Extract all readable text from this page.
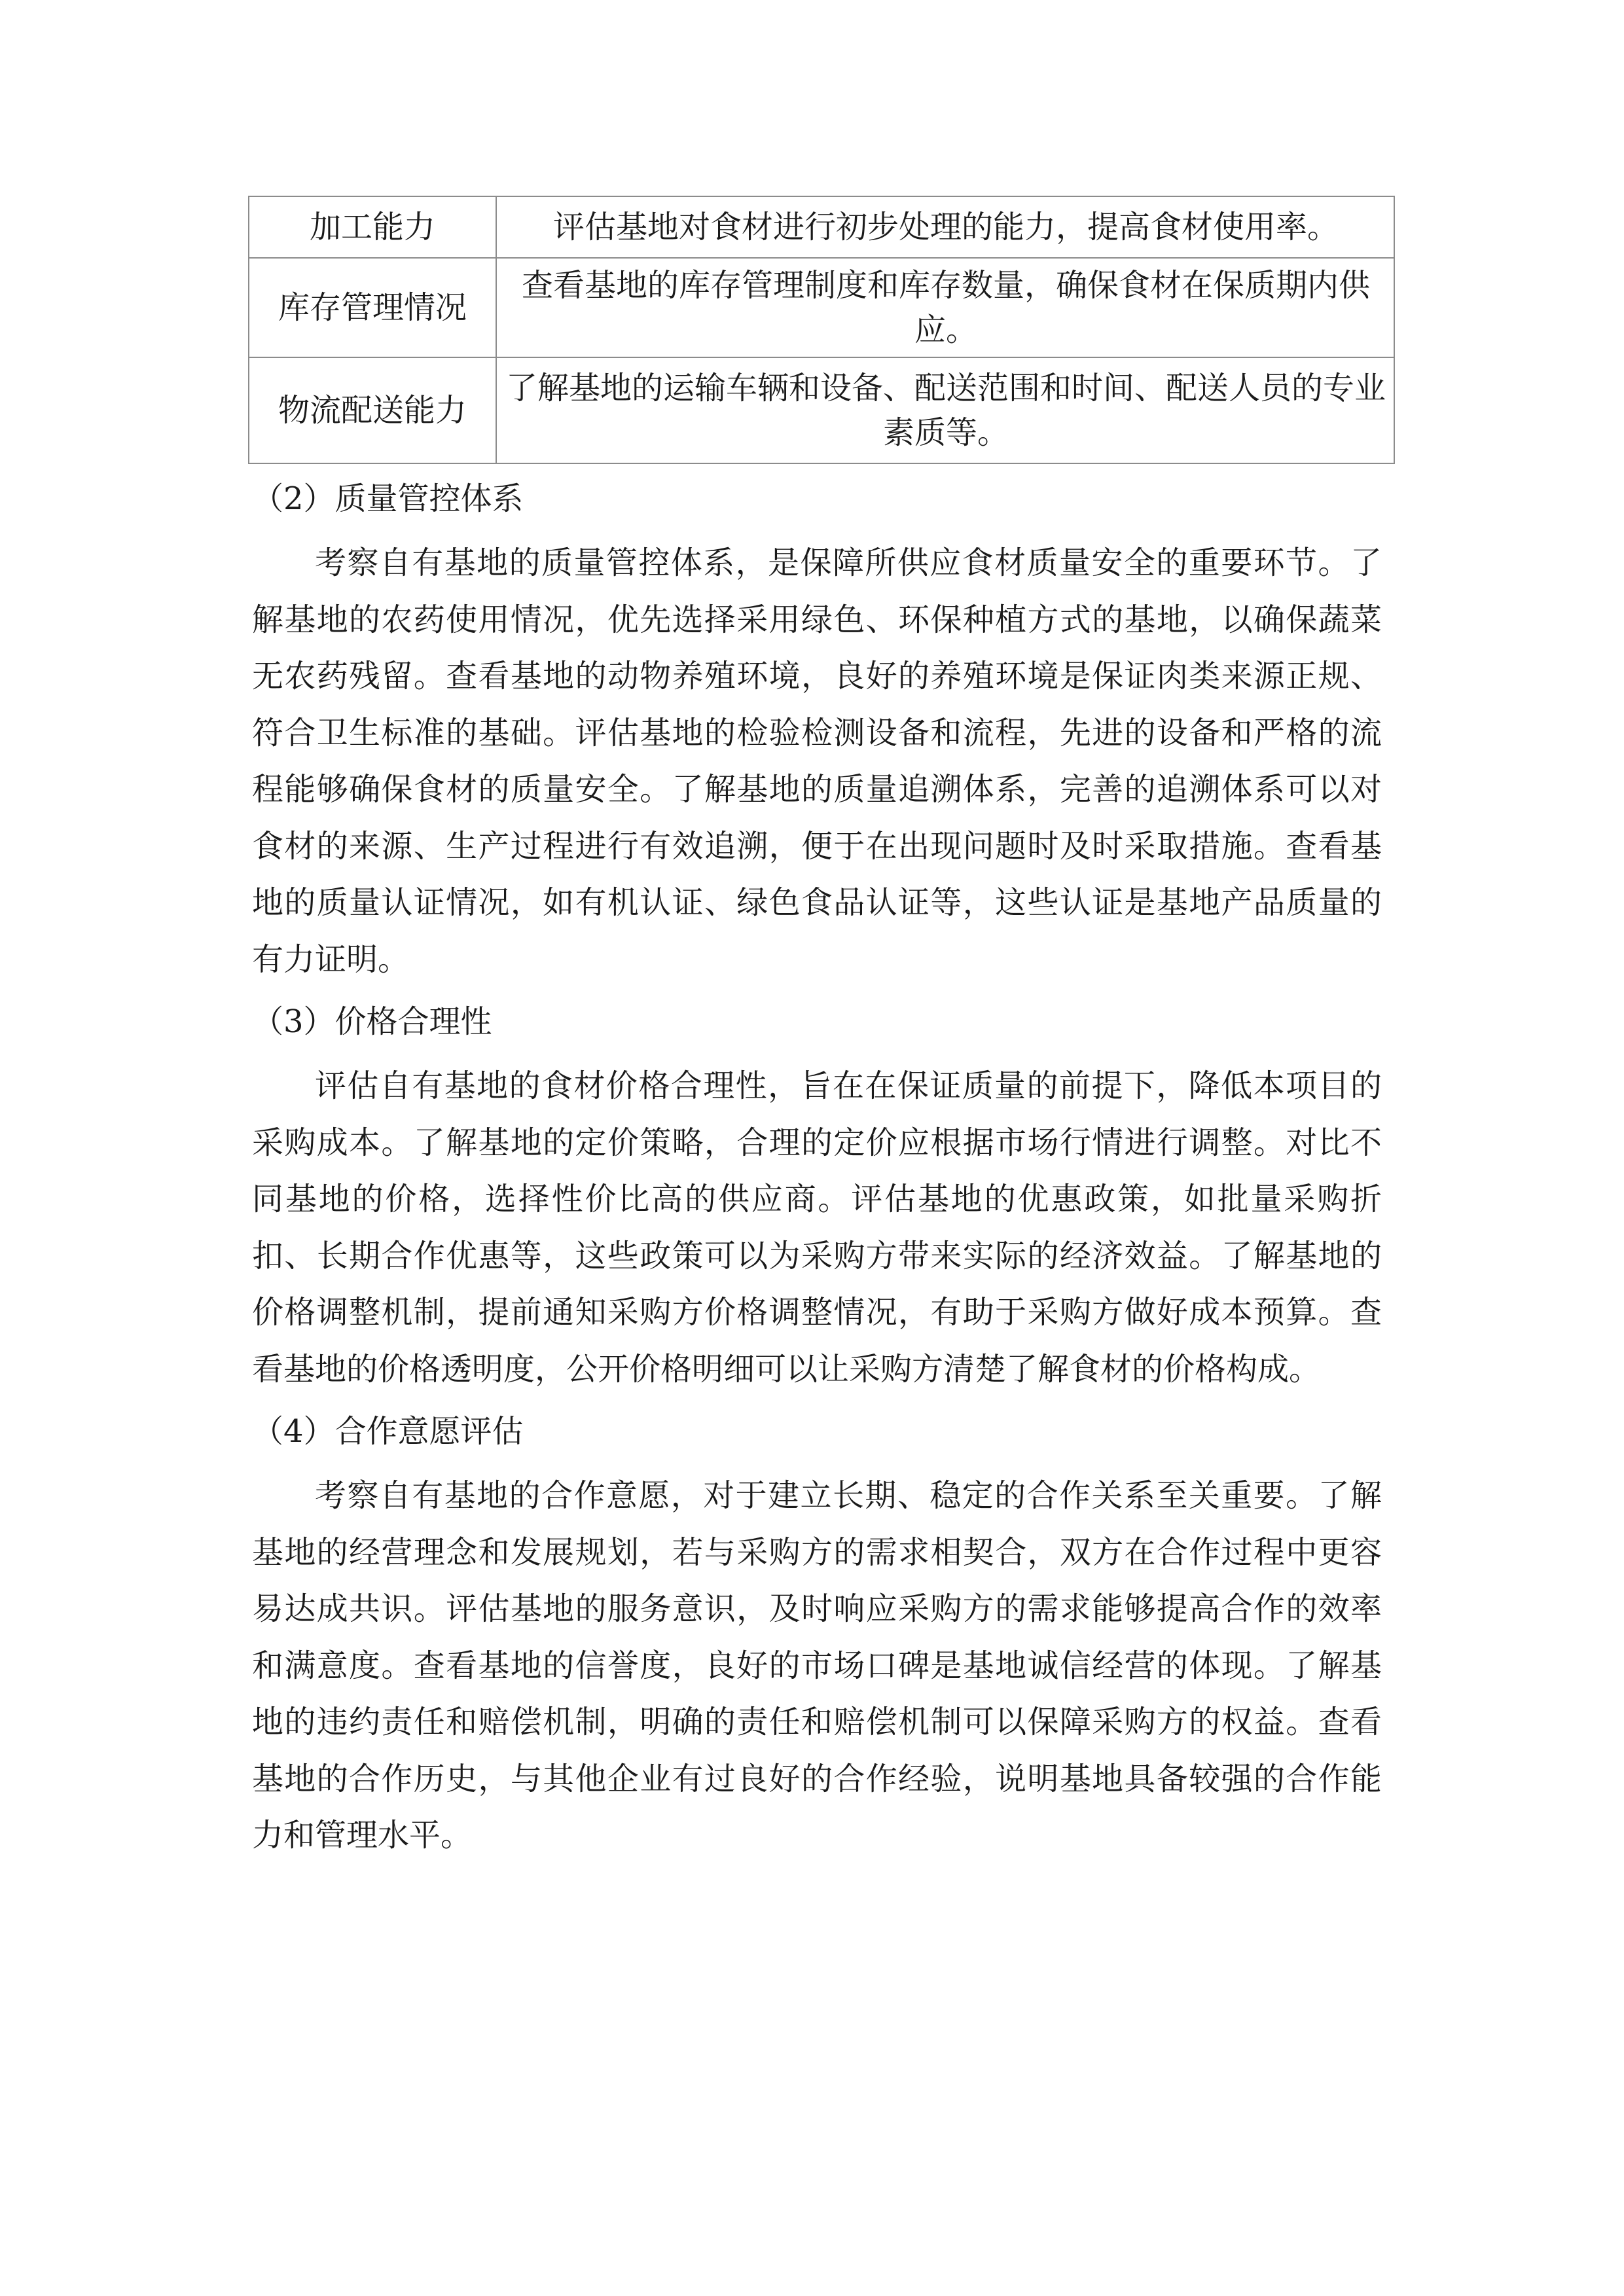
加工能力	评估基地对食材进行初步处理的能力，提高食材使用率。
库存管理情况	查看基地的库存管理制度和库存数量，确保食材在保质期内供应。
物流配送能力	了解基地的运输车辆和设备、配送范围和时间、配送人员的专业素质等。
（2）质量管控体系

考察自有基地的质量管控体系，是保障所供应食材质量安全的重要环节。了解基地的农药使用情况，优先选择采用绿色、环保种植方式的基地，以确保蔬菜无农药残留。查看基地的动物养殖环境，良好的养殖环境是保证肉类来源正规、符合卫生标准的基础。评估基地的检验检测设备和流程，先进的设备和严格的流程能够确保食材的质量安全。了解基地的质量追溯体系，完善的追溯体系可以对食材的来源、生产过程进行有效追溯，便于在出现问题时及时采取措施。查看基地的质量认证情况，如有机认证、绿色食品认证等，这些认证是基地产品质量的有力证明。

（3）价格合理性

评估自有基地的食材价格合理性，旨在在保证质量的前提下，降低本项目的采购成本。了解基地的定价策略，合理的定价应根据市场行情进行调整。对比不同基地的价格，选择性价比高的供应商。评估基地的优惠政策，如批量采购折扣、长期合作优惠等，这些政策可以为采购方带来实际的经济效益。了解基地的价格调整机制，提前通知采购方价格调整情况，有助于采购方做好成本预算。查看基地的价格透明度，公开价格明细可以让采购方清楚了解食材的价格构成。

（4）合作意愿评估

考察自有基地的合作意愿，对于建立长期、稳定的合作关系至关重要。了解基地的经营理念和发展规划，若与采购方的需求相契合，双方在合作过程中更容易达成共识。评估基地的服务意识，及时响应采购方的需求能够提高合作的效率和满意度。查看基地的信誉度，良好的市场口碑是基地诚信经营的体现。了解基地的违约责任和赔偿机制，明确的责任和赔偿机制可以保障采购方的权益。查看基地的合作历史，与其他企业有过良好的合作经验，说明基地具备较强的合作能力和管理水平。
